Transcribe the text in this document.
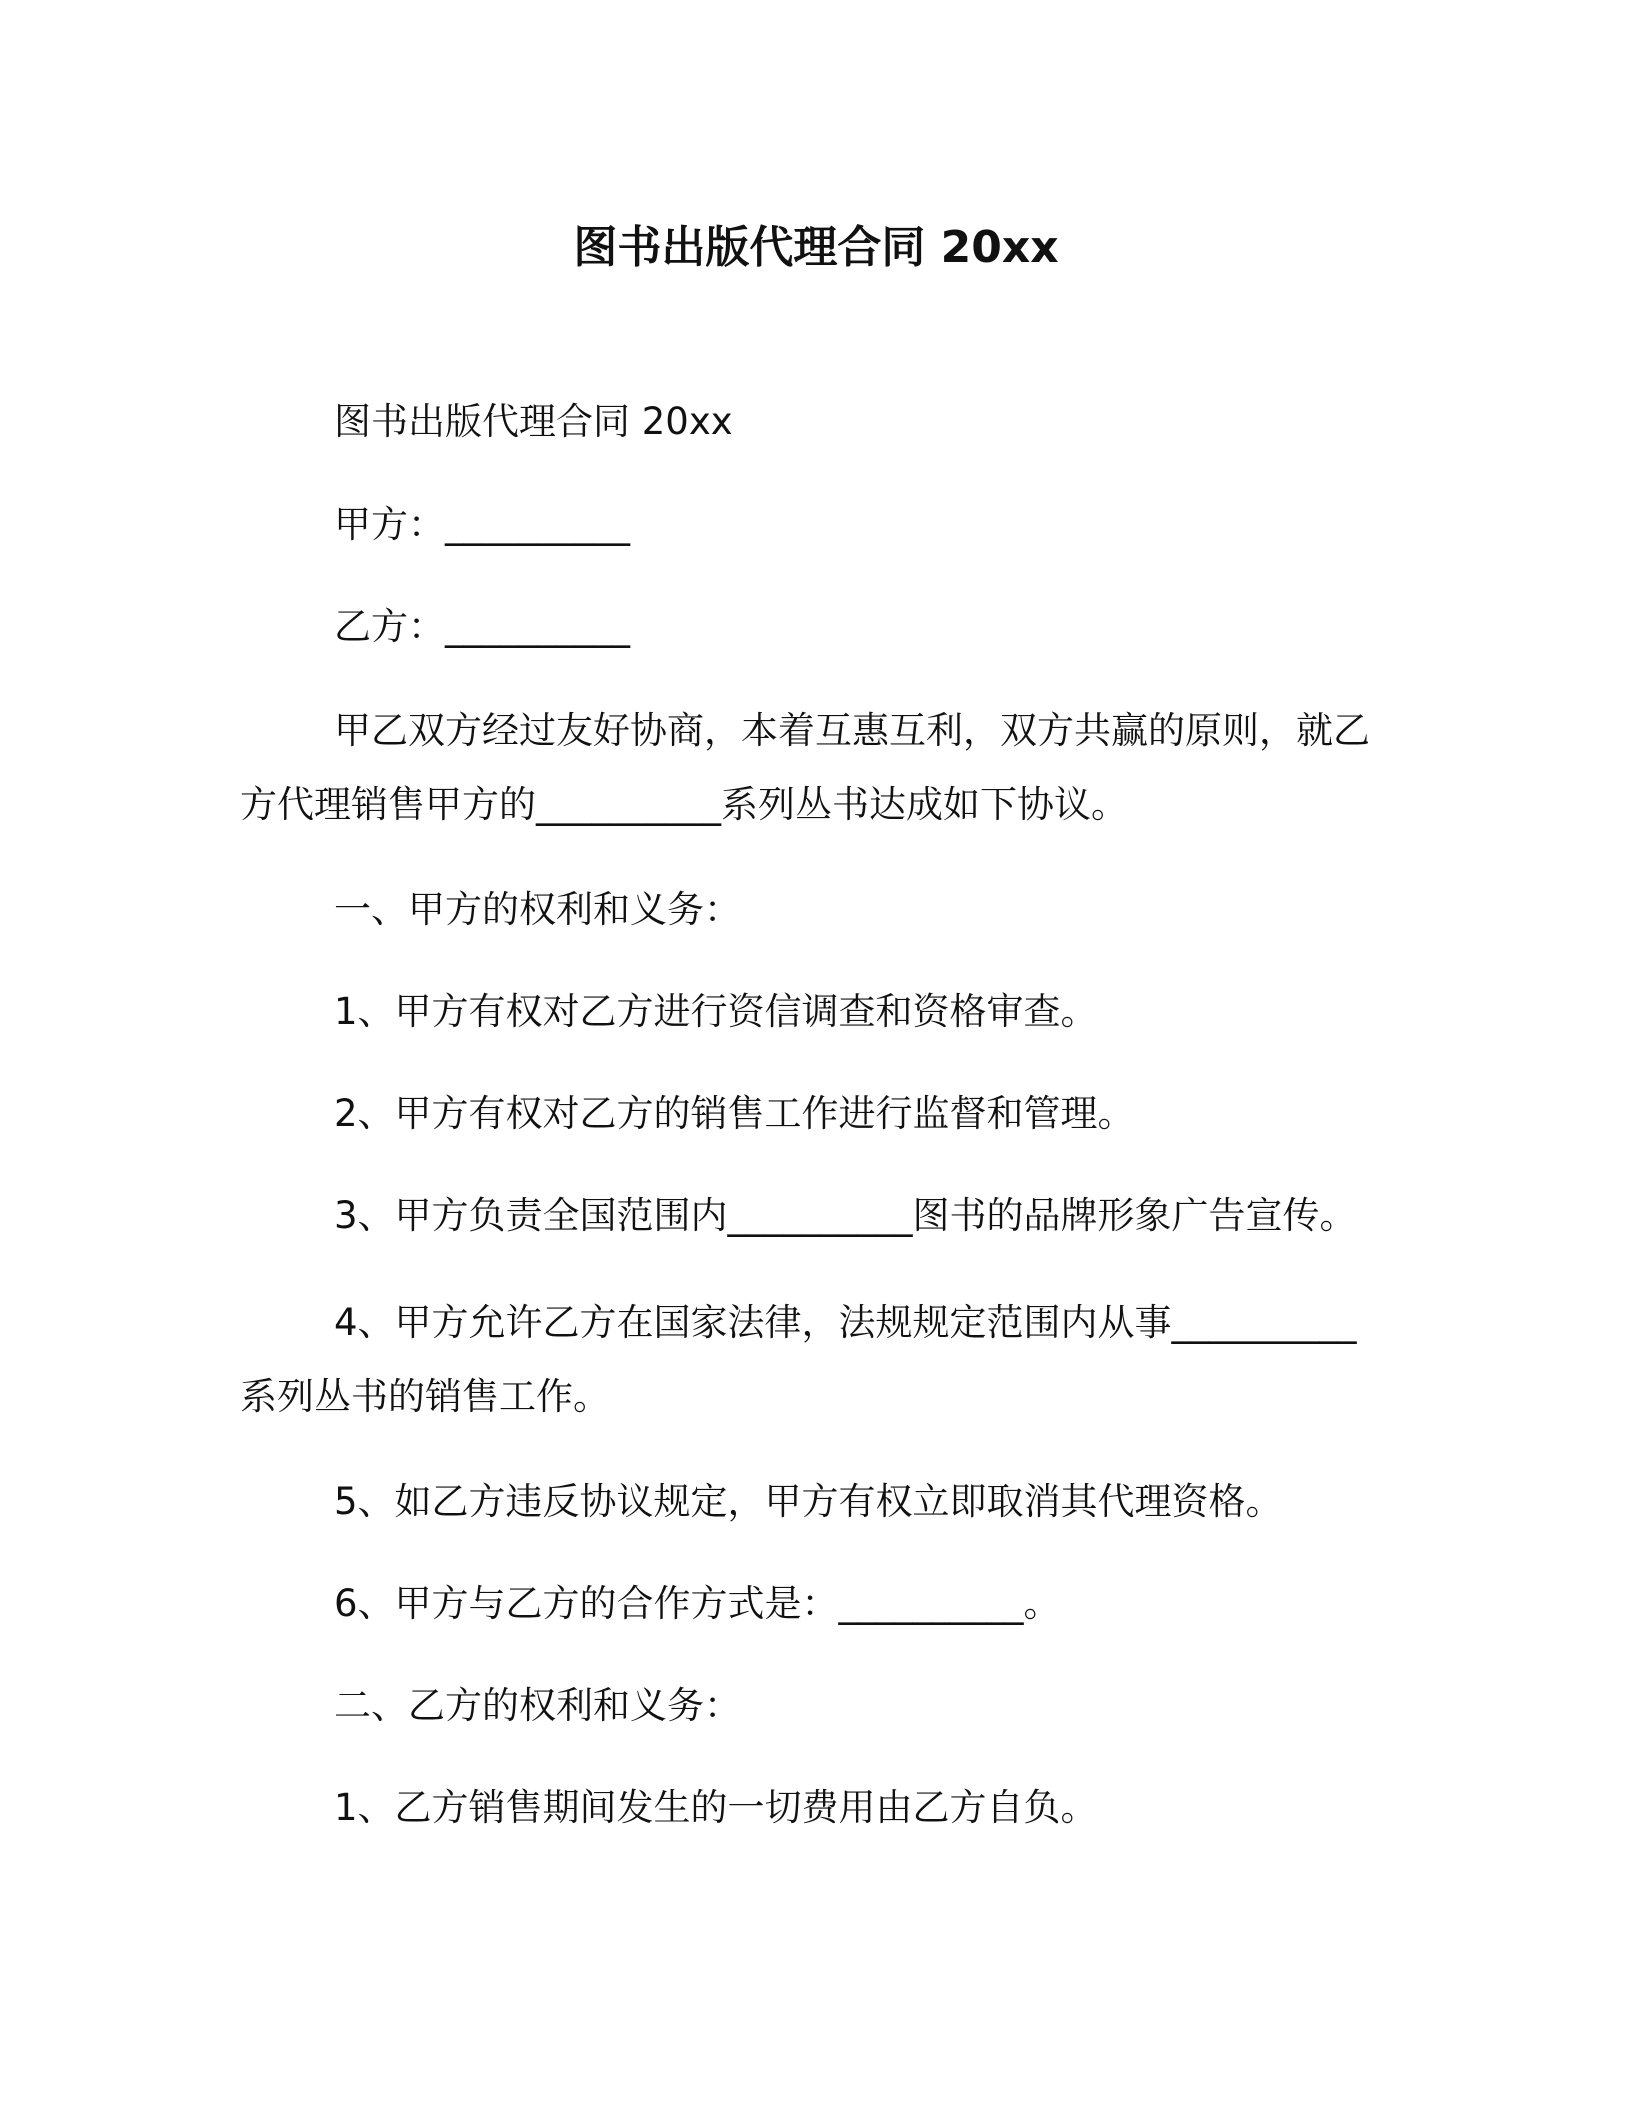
图书出版代理合同 20xx
图书出版代理合同 20xx
甲方：__________
乙方：__________
甲乙双方经过友好协商，本着互惠互利，双方共赢的原则，就乙方代理销售甲方的__________系列丛书达成如下协议。
一、甲方的权利和义务：
1、甲方有权对乙方进行资信调查和资格审查。
2、甲方有权对乙方的销售工作进行监督和管理。
3、甲方负责全国范围内__________图书的品牌形象广告宣传。
4、甲方允许乙方在国家法律，法规规定范围内从事__________系列丛书的销售工作。
5、如乙方违反协议规定，甲方有权立即取消其代理资格。
6、甲方与乙方的合作方式是：__________。
二、乙方的权利和义务：
1、乙方销售期间发生的一切费用由乙方自负。
